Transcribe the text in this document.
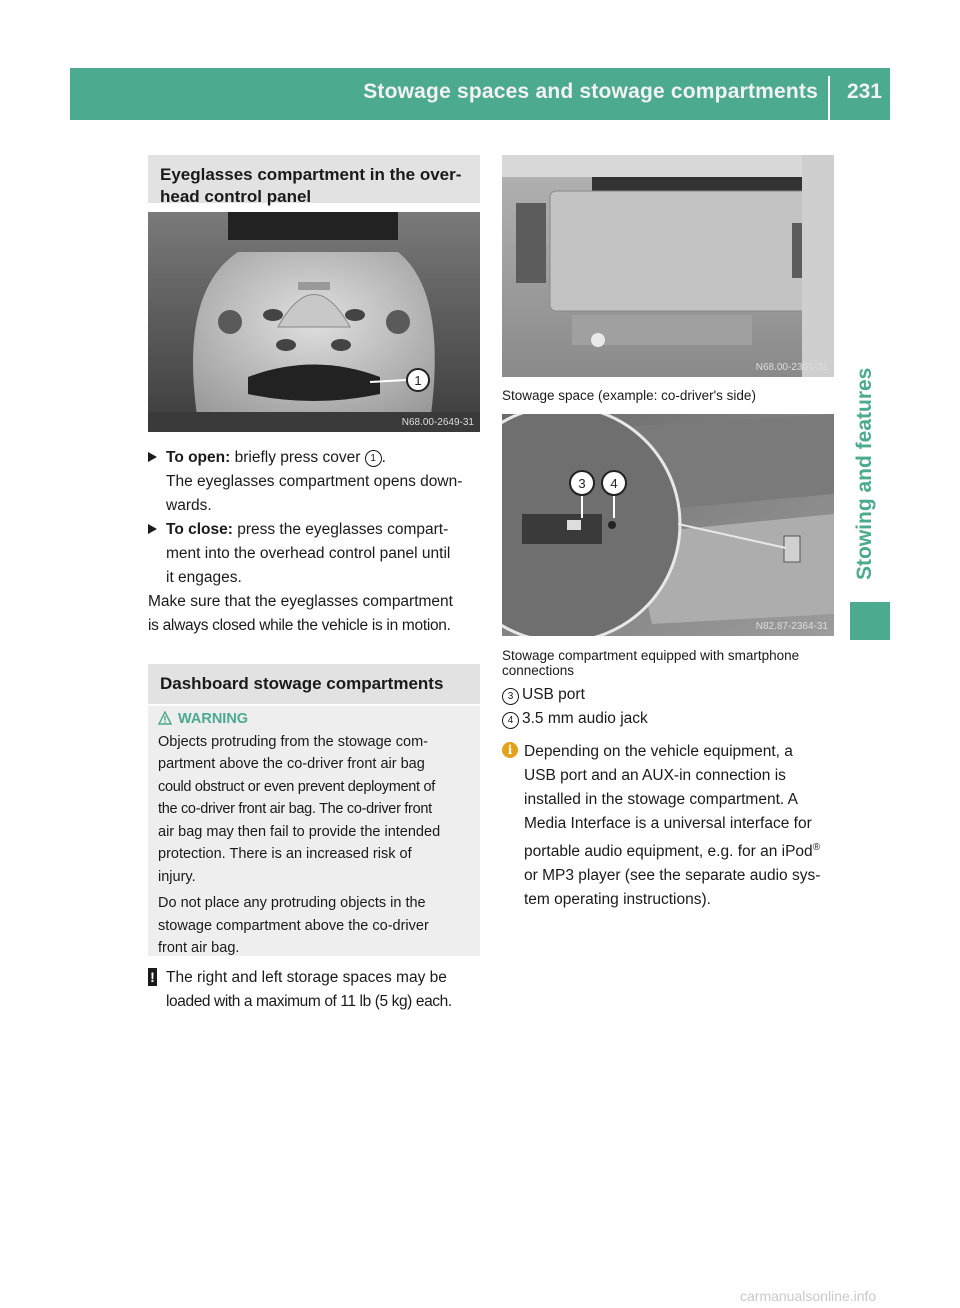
Stowage spaces and stowage compartments 231
Stowing and features
Eyeglasses compartment in the over-
head control panel
1
N68.00-2649-31
To open: briefly press cover 1 .
The eyeglasses compartment opens down-
wards.
To close: press the eyeglasses compart-
ment into the overhead control panel until
it engages.
Make sure that the eyeglasses compartment
is always closed while the vehicle is in motion.
Dashboard stowage compartments
WARNING
Objects protruding from the stowage com-
partment above the co-driver front air bag
could obstruct or even prevent deployment of
the co-driver front air bag. The co-driver front
air bag may then fail to provide the intended
protection. There is an increased risk of
injury.
Do not place any protruding objects in the
stowage compartment above the co-driver
front air bag.
! The right and left storage spaces may be
loaded with a maximum of 11 lb (5 kg) each.
N68.00-2391-31
Stowage space (example: co-driver's side)
3 4
N82.87-2364-31
Stowage compartment equipped with smartphone
connections
3 USB port
4 3.5 mm audio jack
i Depending on the vehicle equipment, a
USB port and an AUX-in connection is
installed in the stowage compartment. A
Media Interface is a universal interface for
portable audio equipment, e.g. for an iPod®
or MP3 player (see the separate audio sys-
tem operating instructions).
carmanualsonline.info
